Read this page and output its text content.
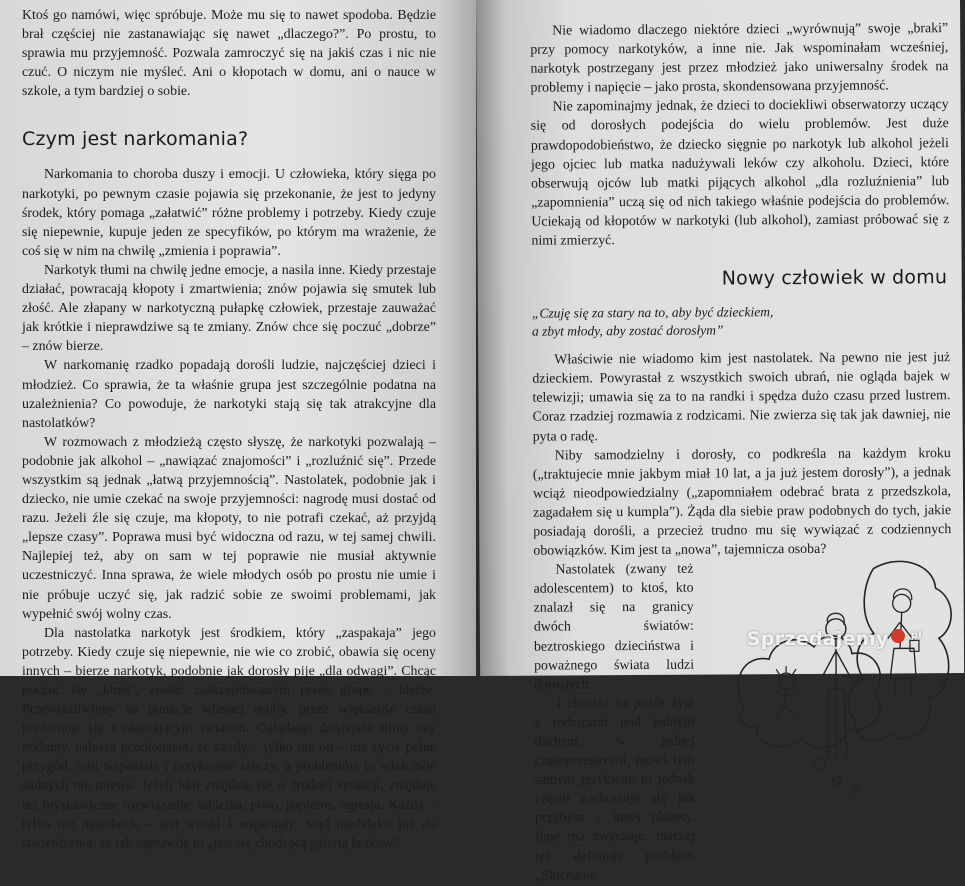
Ktoś go namówi, więc spróbuje. Może mu się to nawet spodoba. Będzie brał częściej nie zastanawiając się nawet „dlaczego?”. Po prostu, to sprawia mu przyjemność. Pozwala zamroczyć się na jakiś czas i nic nie czuć. O niczym nie myśleć. Ani o kłopotach w domu, ani o nauce w szkole, a tym bardziej o sobie.

Czym jest narkomania?

Narkomania to choroba duszy i emocji. U człowieka, który sięga po narkotyki, po pewnym czasie pojawia się przekonanie, że jest to jedyny środek, który pomaga „załatwić” różne problemy i potrzeby. Kiedy czuje się niepewnie, kupuje jeden ze specyfików, po którym ma wrażenie, że coś się w nim na chwilę „zmienia i poprawia”.

Narkotyk tłumi na chwilę jedne emocje, a nasila inne. Kiedy przestaje działać, powracają kłopoty i zmartwienia; znów pojawia się smutek lub złość. Ale złapany w narkotyczną pułapkę człowiek, przestaje zauważać jak krótkie i nieprawdziwe są te zmiany. Znów chce się poczuć „dobrze” – znów bierze.

W narkomanię rzadko popadają dorośli ludzie, najczęściej dzieci i młodzież. Co sprawia, że ta właśnie grupa jest szczególnie podatna na uzależnienia? Co powoduje, że narkotyki stają się tak atrakcyjne dla nastolatków?

W rozmowach z młodzieżą często słyszę, że narkotyki pozwalają – podobnie jak alkohol – „nawiązać znajomości” i „rozluźnić się”. Przede wszystkim są jednak „łatwą przyjemnością”. Nastolatek, podobnie jak i dziecko, nie umie czekać na swoje przyjemności: nagrodę musi dostać od razu. Jeżeli źle się czuje, ma kłopoty, to nie potrafi czekać, aż przyjdą „lepsze czasy”. Poprawa musi być widoczna od razu, w tej samej chwili. Najlepiej też, aby on sam w tej poprawie nie musiał aktywnie uczestniczyć. Inna sprawa, że wiele młodych osób po prostu nie umie i nie próbuje uczyć się, jak radzić sobie ze swoimi problemami, jak wypełnić swój wolny czas.

Dla nastolatka narkotyk jest środkiem, który „zaspakaja” jego potrzeby. Kiedy czuje się niepewnie, nie wie co zrobić, obawia się oceny innych – bierze narkotyk, podobnie jak dorosły pije „dla odwagi”. Chcąc poczuć się „kimś”, zostać zaakceptowanym przez grupę – bierze. Przewrażliwiony na punkcie własnej osoby, przez większość czasu porównuje się z otaczającym światem. Oglądając dzisiejsze filmy czy reklamy, nabiera przekonania, że każdy – tylko nie on – ma życie pełne przygód, robi wspaniałe i ryzykowne rzeczy, a problemów to właściwie żadnych nie miewa. Jeżeli idol znajdzie się w trudnej sytuacji, znajduje też błyskawiczne rozwiązanie: tabletka, piwo, papieros, agresja. Każdy – tylko nie nastolatek – jest wielki i wspaniały. Stąd niedaleko już do stwierdzenia, że tak naprawdę to „jest się chodzącą galerią braków”.

Nie wiadomo dlaczego niektóre dzieci „wyrównują” swoje „braki” przy pomocy narkotyków, a inne nie. Jak wspominałam wcześniej, narkotyk postrzegany jest przez młodzież jako uniwersalny środek na problemy i napięcie – jako prosta, skondensowana przyjemność.

Nie zapominajmy jednak, że dzieci to dociekliwi obserwatorzy uczący się od dorosłych podejścia do wielu problemów. Jest duże prawdopodobieństwo, że dziecko sięgnie po narkotyk lub alkohol jeżeli jego ojciec lub matka nadużywali leków czy alkoholu. Dzieci, które obserwują ojców lub matki pijących alkohol „dla rozluźnienia” lub „zapomnienia” uczą się od nich takiego właśnie podejścia do problemów. Uciekają od kłopotów w narkotyki (lub alkohol), zamiast próbować się z nimi zmierzyć.

Nowy człowiek w domu
„Czuję się za stary na to, aby być dzieckiem,
a zbyt młody, aby zostać dorosłym”

Właściwie nie wiadomo kim jest nastolatek. Na pewno nie jest już dzieckiem. Powyrastał z wszystkich swoich ubrań, nie ogląda bajek w telewizji; umawia się za to na randki i spędza dużo czasu przed lustrem. Coraz rzadziej rozmawia z rodzicami. Nie zwierza się tak jak dawniej, nie pyta o radę.

Niby samodzielny i dorosły, co podkreśla na każdym kroku („traktujecie mnie jakbym miał 10 lat, a ja już jestem dorosły”), a jednak wciąż nieodpowiedzialny („zapomniałem odebrać brata z przedszkola, zagadałem się u kumpla”). Żąda dla siebie praw podobnych do tych, jakie posiadają dorośli, a przecież trudno mu się wywiązać z codziennych obowiązków. Kim jest ta „nowa”, tajemnicza osoba?

Nastolatek (zwany też adolescentem) to ktoś, kto znalazł się na granicy dwóch światów: beztroskiego dzieciństwa i poważnego świata ludzi dorosłych.

I chociaż na pozór żyje z rodzicami pod jednym dachem, w jednej czasoprzestrzeni, mówi tym samym językiem, to jednak często zachowuje się jak przybysz z innej planety. Inne ma zwyczaje, inaczej też definiuje problem. „Słuchanie

Sprzedajemy $^{.pl}$
